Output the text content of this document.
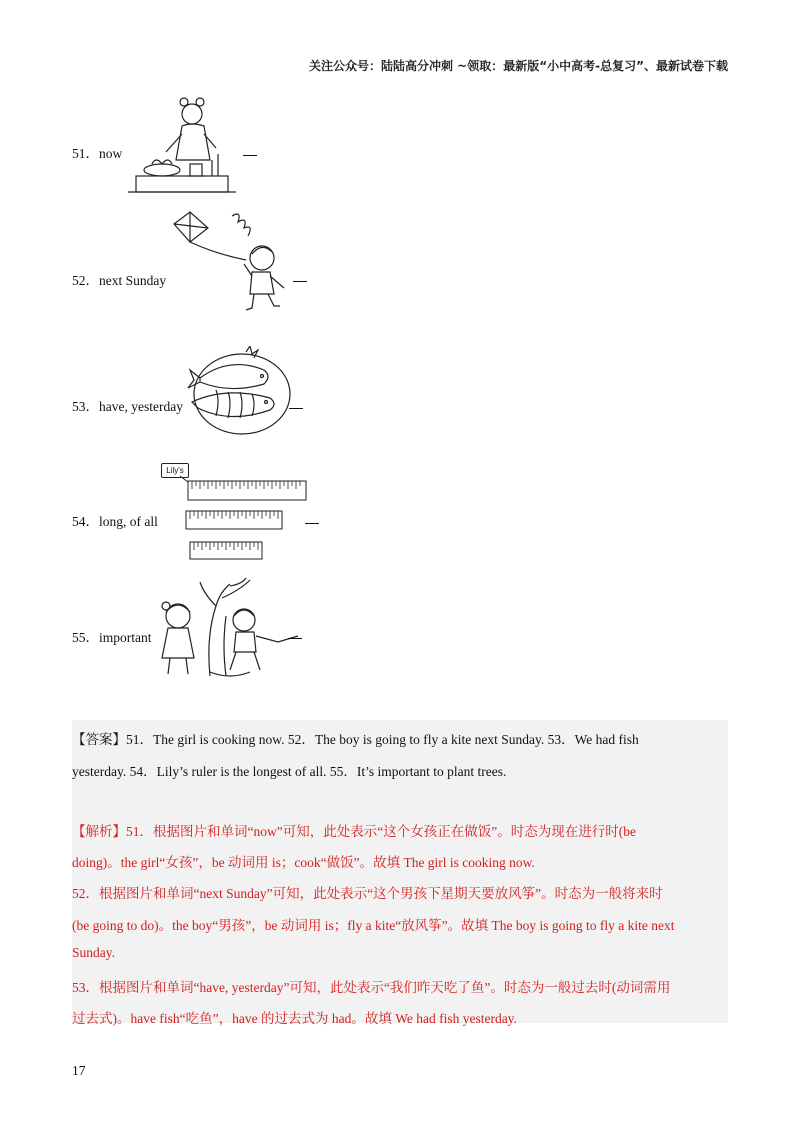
关注公众号：陆陆高分冲刺 ~领取：最新版“小中高考-总复习”、最新试卷下载
51．now
52．next Sunday
53．have, yesterday
54．long, of all
Lily's
55．important
【答案】51．The girl is cooking now. 52．The boy is going to fly a kite next Sunday. 53．We had fish
yesterday. 54．Lily’s ruler is the longest of all. 55．It’s important to plant trees.
【解析】51．根据图片和单词“now”可知，此处表示“这个女孩正在做饭”。时态为现在进行时(be
doing)。the girl“女孩”，be 动词用 is；cook“做饭”。故填 The girl is cooking now.
52．根据图片和单词“next Sunday”可知，此处表示“这个男孩下星期天要放风筝”。时态为一般将来时
(be going to do)。the boy“男孩”，be 动词用 is；fly a kite“放风筝”。故填 The boy is going to fly a kite next
Sunday.
53．根据图片和单词“have, yesterday”可知，此处表示“我们昨天吃了鱼”。时态为一般过去时(动词需用
过去式)。have fish“吃鱼”，have 的过去式为 had。故填 We had fish yesterday.
17
